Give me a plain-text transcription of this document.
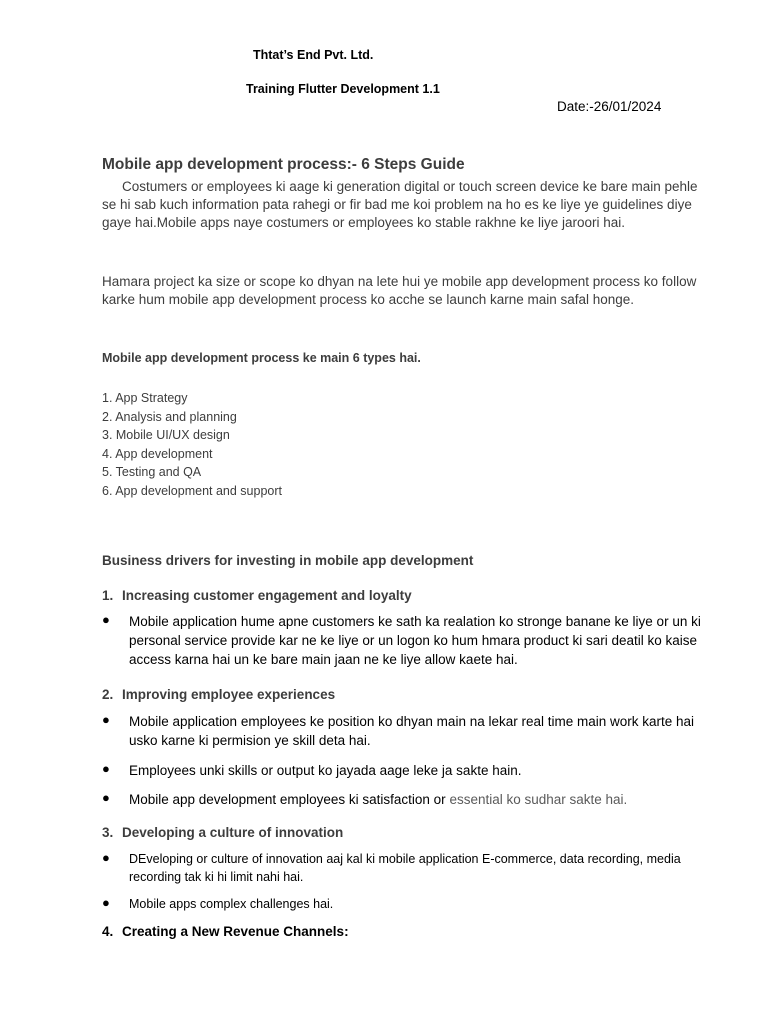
Thtat’s End Pvt. Ltd.
Training Flutter Development 1.1
Date:-26/01/2024
Mobile app development process:- 6 Steps Guide
Costumers or employees ki aage ki generation digital or touch screen device ke bare main pehle se hi sab kuch information pata rahegi or fir bad me koi problem na ho es ke liye ye guidelines diye gaye hai.Mobile apps naye costumers or employees ko stable rakhne ke liye jaroori hai.
Hamara project ka size or scope ko dhyan na lete hui ye mobile app development process ko follow karke hum mobile app development process ko acche se launch karne main safal honge.
Mobile app development process ke main 6 types hai.
1. App Strategy
2. Analysis and planning
3. Mobile UI/UX design
4. App development
5. Testing and QA
6. App development and support
Business drivers for investing in mobile app development
1. Increasing customer engagement and loyalty
● Mobile application hume apne customers ke sath ka realation ko stronge banane ke liye or un ki personal service provide kar ne ke liye or un logon ko hum hmara product ki sari deatil ko kaise access karna hai un ke bare main jaan ne ke liye allow kaete hai.
2. Improving employee experiences
● Mobile application employees ke position ko dhyan main na lekar real time main work karte hai usko karne ki permision ye skill deta hai.
● Employees unki skills or output ko jayada aage leke ja sakte hain.
● Mobile app development employees ki satisfaction or essential ko sudhar sakte hai.
3. Developing a culture of innovation
● DEveloping or culture of innovation aaj kal ki mobile application E-commerce, data recording, media recording tak ki hi limit nahi hai.
● Mobile apps complex challenges hai.
4. Creating a New Revenue Channels:
